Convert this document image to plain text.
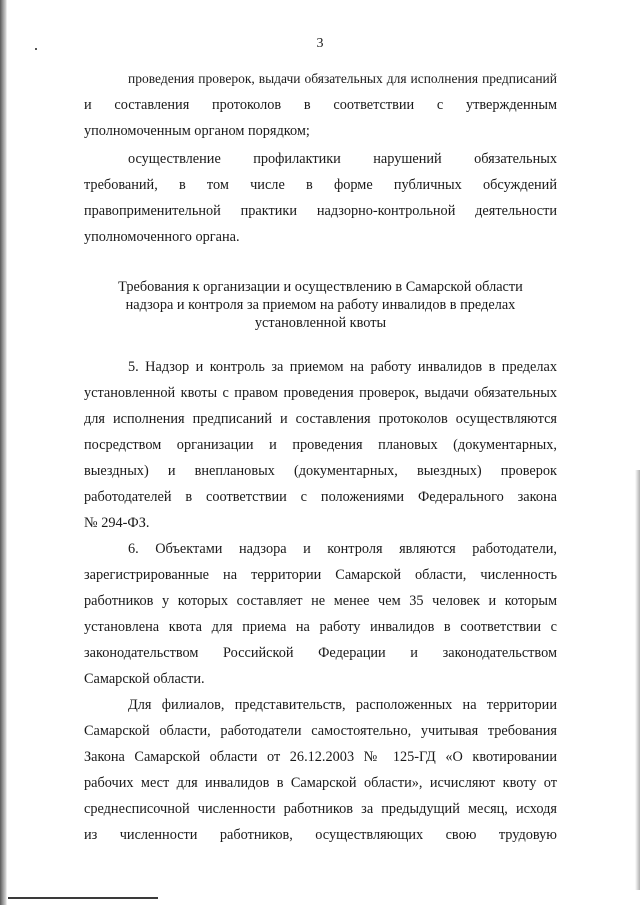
3
проведения проверок, выдачи обязательных для исполнения предписаний
и составления протоколов в соответствии с утвержденным
уполномоченным органом порядком;
осуществление профилактики нарушений обязательных
требований, в том числе в форме публичных обсуждений
правоприменительной практики надзорно-контрольной деятельности
уполномоченного органа.
Требования к организации и осуществлению в Самарской области
надзора и контроля за приемом на работу инвалидов в пределах
установленной квоты
5. Надзор и контроль за приемом на работу инвалидов в пределах
установленной квоты с правом проведения проверок, выдачи обязательных
для исполнения предписаний и составления протоколов осуществляются
посредством организации и проведения плановых (документарных,
выездных) и внеплановых (документарных, выездных) проверок
работодателей в соответствии с положениями Федерального закона
№ 294-ФЗ.
6. Объектами надзора и контроля являются работодатели,
зарегистрированные на территории Самарской области, численность
работников у которых составляет не менее чем 35 человек и которым
установлена квота для приема на работу инвалидов в соответствии с
законодательством Российской Федерации и законодательством
Самарской области.
Для филиалов, представительств, расположенных на территории
Самарской области, работодатели самостоятельно, учитывая требования
Закона Самарской области от 26.12.2003 № 125-ГД «О квотировании
рабочих мест для инвалидов в Самарской области», исчисляют квоту от
среднесписочной численности работников за предыдущий месяц, исходя
из численности работников, осуществляющих свою трудовую
